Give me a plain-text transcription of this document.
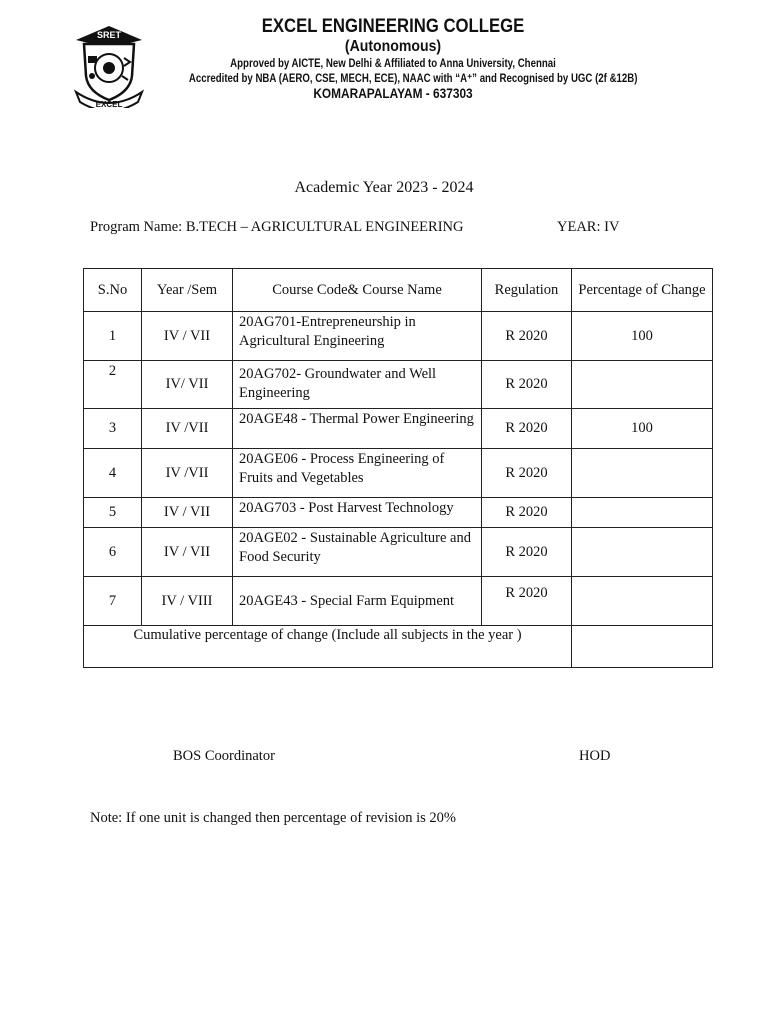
SRET
EXCEL
EXCEL ENGINEERING COLLEGE
(Autonomous)
Approved by AICTE, New Delhi & Affiliated to Anna University, Chennai
Accredited by NBA (AERO, CSE, MECH, ECE), NAAC with “A⁺” and Recognised by UGC (2f &12B)
KOMARAPALAYAM - 637303
Academic Year 2023 - 2024
Program Name: B.TECH – AGRICULTURAL ENGINEERING	YEAR: IV
S.No	Year /Sem	Course Code& Course Name	Regulation	Percentage of Change
1	IV / VII	20AG701-Entrepreneurship in Agricultural Engineering	R 2020	100
2	IV/ VII	20AG702- Groundwater and Well Engineering	R 2020	
3	IV /VII	20AGE48 - Thermal Power Engineering	R 2020	100
4	IV /VII	20AGE06 - Process Engineering of Fruits and Vegetables	R 2020	
5	IV / VII	20AG703 - Post Harvest Technology	R 2020	
6	IV / VII	20AGE02 - Sustainable Agriculture and Food Security	R 2020	
7	IV / VIII	20AGE43 - Special Farm Equipment	R 2020	
Cumulative percentage of change (Include all subjects in the year )				
BOS Coordinator	HOD
Note: If one unit is changed then percentage of revision is 20%
